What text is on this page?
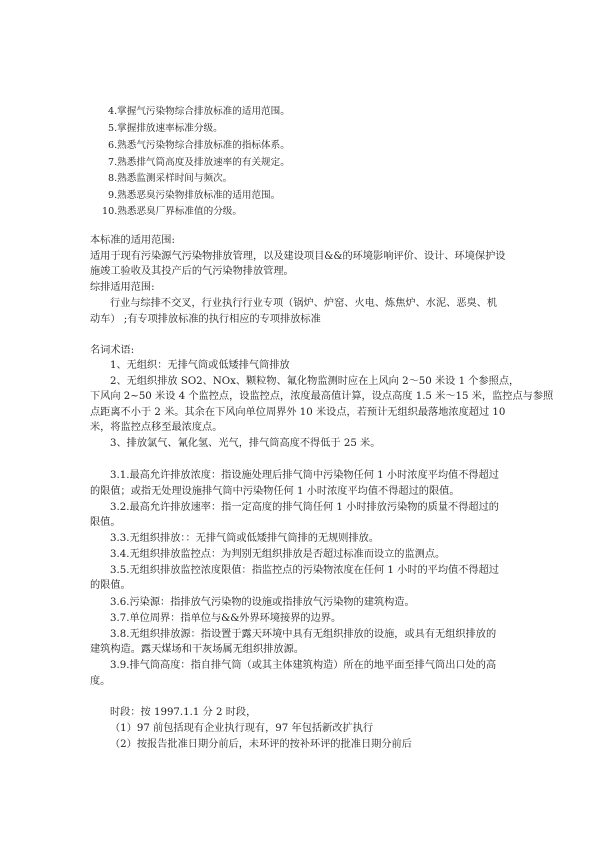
4.掌握气污染物综合排放标准的适用范围。
5.掌握排放速率标准分级。
6.熟悉气污染物综合排放标准的指标体系。
7.熟悉排气筒高度及排放速率的有关规定。
8.熟悉监测采样时间与频次。
9.熟悉恶臭污染物排放标准的适用范围。
10.熟悉恶臭厂界标准值的分级。
本标准的适用范围:
适用于现有污染源气污染物排放管理，以及建设项目&&的环境影响评价、设计、环境保护设
施竣工验收及其投产后的气污染物排放管理。
综排适用范围:
行业与综排不交叉，行业执行行业专项（锅炉、炉窑、火电、炼焦炉、水泥、恶臭、机
动车） ;有专项排放标准的执行相应的专项排放标准
名词术语:
1、无组织：无排气筒或低矮排气筒排放
2、无组织排放 SO2、NOx、颗粒物、氟化物监测时应在上风向 2～50 米设 1 个参照点，
下风向 2~50 米设 4 个监控点，设监控点，浓度最高值计算，设点高度 1.5 米～15 米，监控点与参照
点距离不小于 2 米。其余在下风向单位周界外 10 米设点，若预计无组织最落地浓度超过 10
米，将监控点移至最浓度点。
3、排放氯气、氰化氢、光气，排气筒高度不得低于 25 米。
3.1.最高允许排放浓度：指设施处理后排气筒中污染物任何 1 小时浓度平均值不得超过
的限值；或指无处理设施排气筒中污染物任何 1 小时浓度平均值不得超过的限值。
3.2.最高允许排放速率：指一定高度的排气筒任何 1 小时排放污染物的质量不得超过的
限值。
3.3.无组织排放：：无排气筒或低矮排气筒排的无规则排放。
3.4.无组织排放监控点：为判别无组织排放是否超过标准而设立的监测点。
3.5.无组织排放监控浓度限值：指监控点的污染物浓度在任何 1 小时的平均值不得超过
的限值。
3.6.污染源：指排放气污染物的设施或指排放气污染物的建筑构造。
3.7.单位周界：指单位与&&外界环境接界的边界。
3.8.无组织排放源：指设置于露天环境中具有无组织排放的设施，或具有无组织排放的
建筑构造。露天煤场和干灰场属无组织排放源。
3.9.排气筒高度：指自排气筒（或其主体建筑构造）所在的地平面至排气筒出口处的高
度。
时段：按 1997.1.1 分 2 时段，
（1）97 前包括现有企业执行现有，97 年包括新改扩执行
（2）按报告批准日期分前后，未环评的按补环评的批准日期分前后
